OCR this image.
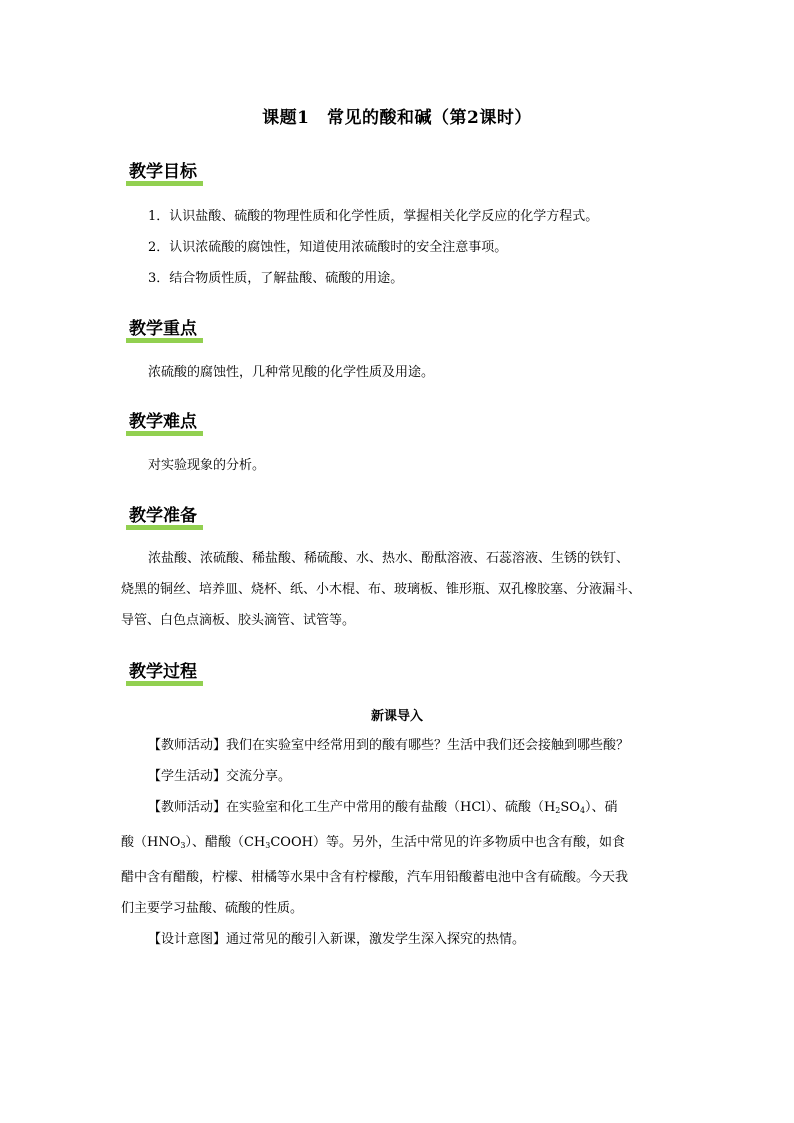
课题1　常见的酸和碱（第2课时）
教学目标
1．认识盐酸、硫酸的物理性质和化学性质，掌握相关化学反应的化学方程式。
2．认识浓硫酸的腐蚀性，知道使用浓硫酸时的安全注意事项。
3．结合物质性质，了解盐酸、硫酸的用途。
教学重点
浓硫酸的腐蚀性，几种常见酸的化学性质及用途。
教学难点
对实验现象的分析。
教学准备
浓盐酸、浓硫酸、稀盐酸、稀硫酸、水、热水、酚酞溶液、石蕊溶液、生锈的铁钉、
烧黑的铜丝、培养皿、烧杯、纸、小木棍、布、玻璃板、锥形瓶、双孔橡胶塞、分液漏斗、
导管、白色点滴板、胶头滴管、试管等。
教学过程
新课导入
【教师活动】我们在实验室中经常用到的酸有哪些？生活中我们还会接触到哪些酸？
【学生活动】交流分享。
【教师活动】在实验室和化工生产中常用的酸有盐酸（HCl）、硫酸$(H_2SO_4)$、硝
酸$(HNO_3)$、醋酸$(CH_3COOH)$等。另外，生活中常见的许多物质中也含有酸，如食
醋中含有醋酸，柠檬、柑橘等水果中含有柠檬酸，汽车用铅酸蓄电池中含有硫酸。今天我
们主要学习盐酸、硫酸的性质。
【设计意图】通过常见的酸引入新课，激发学生深入探究的热情。
